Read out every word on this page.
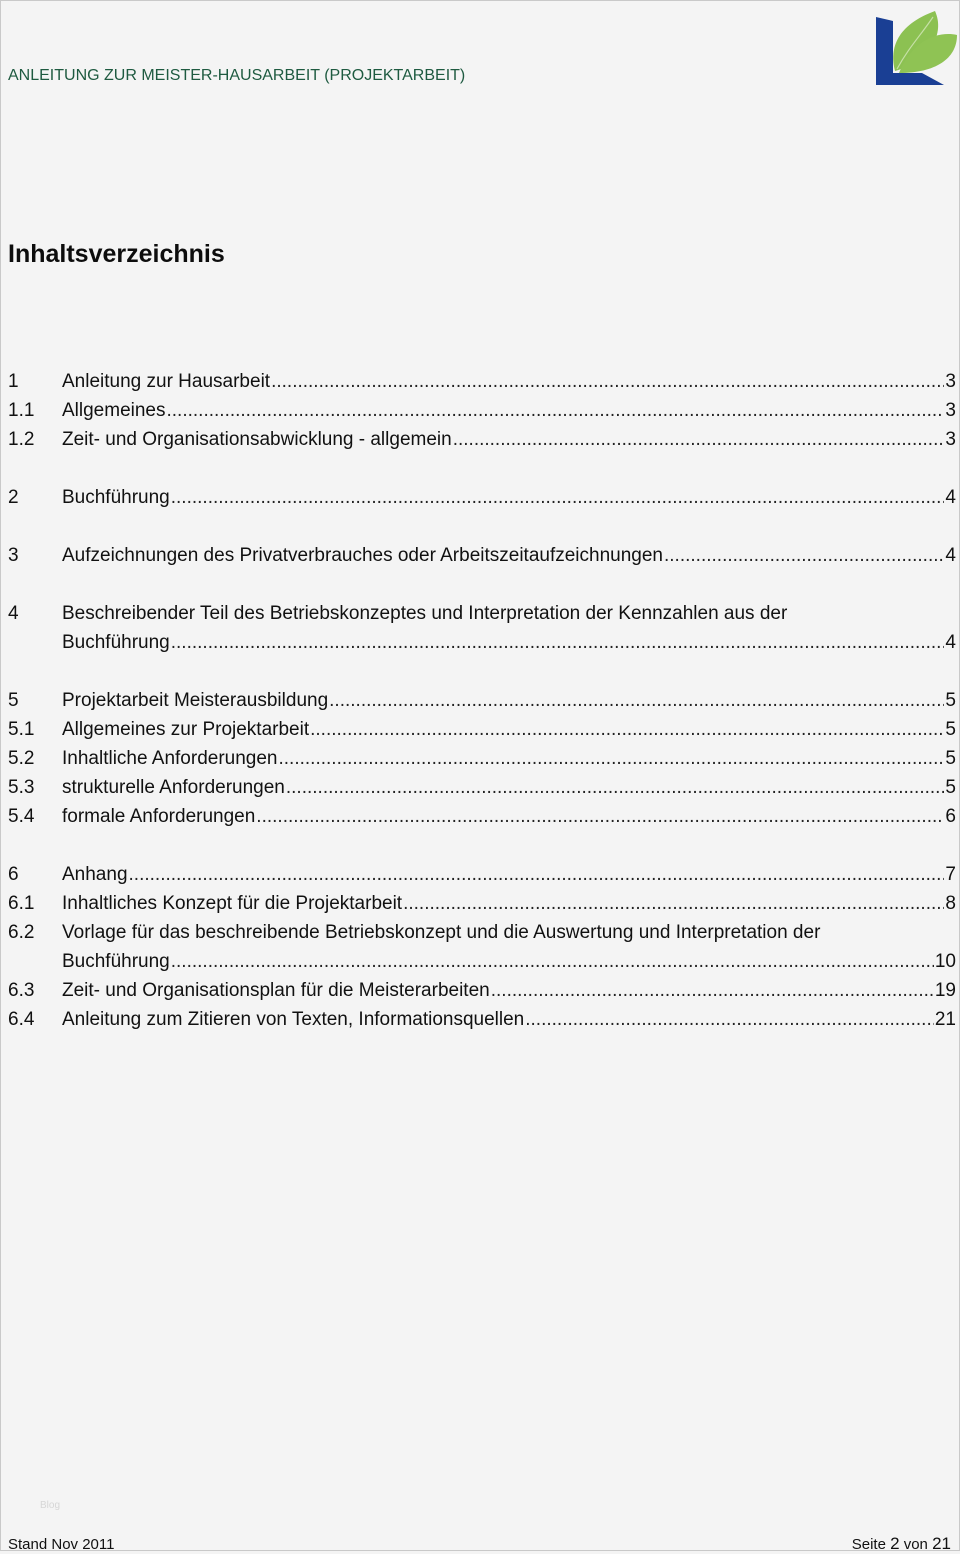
ANLEITUNG ZUR MEISTER-HAUSARBEIT (PROJEKTARBEIT)
Inhaltsverzeichnis
1 Anleitung zur Hausarbeit .....	3
1.1 Allgemeines .....	3
1.2 Zeit- und Organisationsabwicklung - allgemein .....	3
2 Buchführung .....	4
3 Aufzeichnungen des Privatverbrauches oder Arbeitszeitaufzeichnungen .....	4
4 Beschreibender Teil des Betriebskonzeptes und Interpretation der Kennzahlen aus der
Buchführung .....	4
5 Projektarbeit Meisterausbildung .....	5
5.1 Allgemeines zur Projektarbeit .....	5
5.2 Inhaltliche Anforderungen .....	5
5.3 strukturelle Anforderungen .....	5
5.4 formale Anforderungen .....	6
6 Anhang .....	7
6.1 Inhaltliches Konzept für die Projektarbeit .....	8
6.2 Vorlage für das beschreibende Betriebskonzept und die Auswertung und Interpretation der
Buchführung .....	10
6.3 Zeit- und Organisationsplan für die Meisterarbeiten .....	19
6.4 Anleitung zum Zitieren von Texten, Informationsquellen .....	21
Blog
Stand Nov 2011	Seite 2 von 21
